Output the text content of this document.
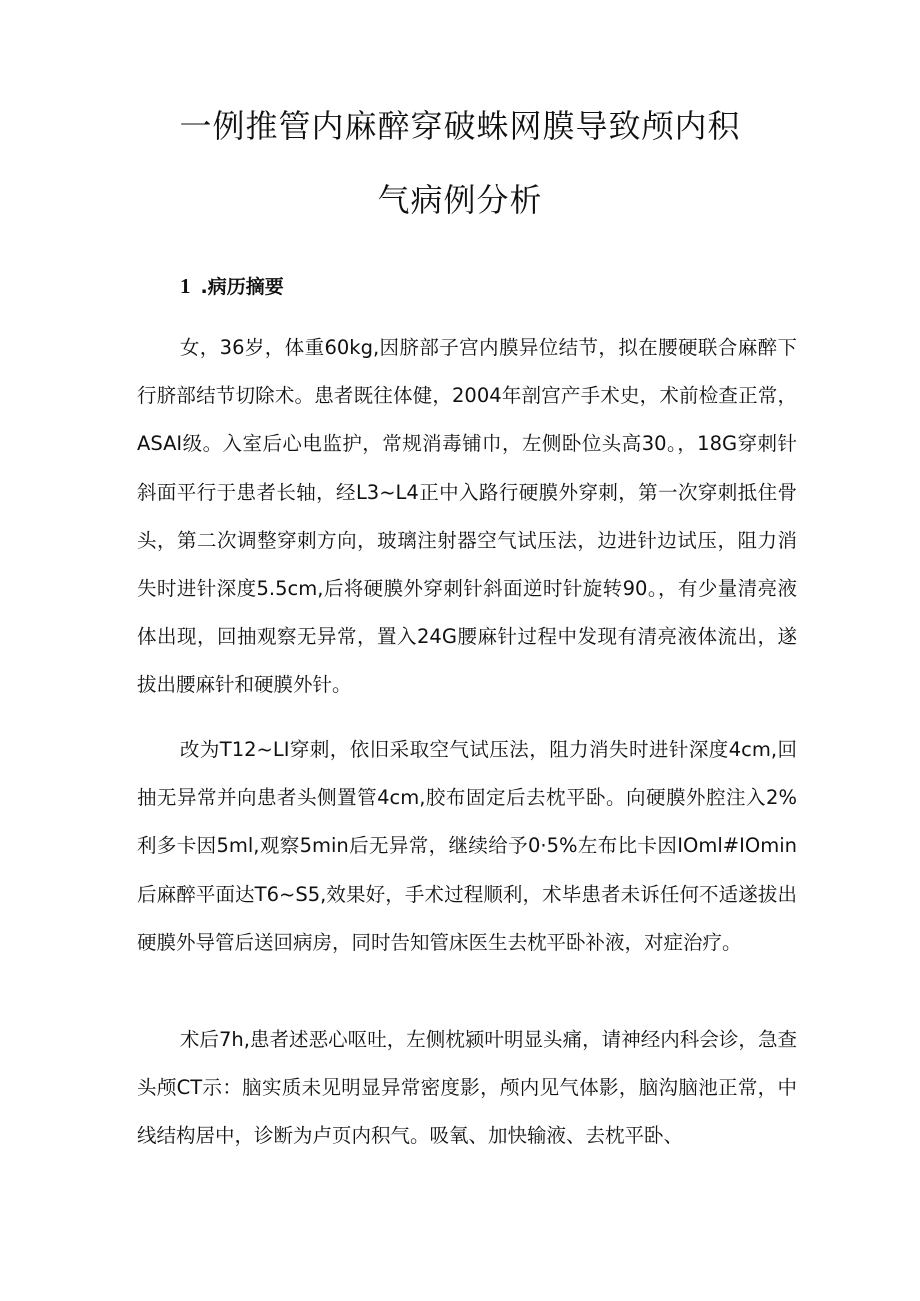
一例推管内麻醉穿破蛛网膜导致颅内积
气病例分析
1 .病历摘要

女，36岁，体重60kg,因脐部子宫内膜异位结节，拟在腰硬联合麻醉下行脐部结节切除术。患者既往体健，2004年剖宫产手术史，术前检查正常，ASAI级。入室后心电监护，常规消毒铺巾，左侧卧位头高30。，18G穿刺针斜面平行于患者长轴，经L3~L4正中入路行硬膜外穿刺，第一次穿刺抵住骨头，第二次调整穿刺方向，玻璃注射器空气试压法，边进针边试压，阻力消失时进针深度5.5cm,后将硬膜外穿刺针斜面逆时针旋转90。，有少量清亮液体出现，回抽观察无异常，置入24G腰麻针过程中发现有清亮液体流出，遂拔出腰麻针和硬膜外针。

改为T12~LI穿刺，依旧采取空气试压法，阻力消失时进针深度4cm,回抽无异常并向患者头侧置管4cm,胶布固定后去枕平卧。向硬膜外腔注入2%利多卡因5ml,观察5min后无异常，继续给予0·5%左布比卡因IOml#IOmin后麻醉平面达T6~S5,效果好，手术过程顺利，术毕患者未诉任何不适遂拔出硬膜外导管后送回病房，同时告知管床医生去枕平卧补液，对症治疗。

术后7h,患者述恶心呕吐，左侧枕颍叶明显头痛，请神经内科会诊，急查头颅CT示：脑实质未见明显异常密度影，颅内见气体影，脑沟脑池正常，中线结构居中，诊断为卢页内积气。吸氧、加快输液、去枕平卧、
